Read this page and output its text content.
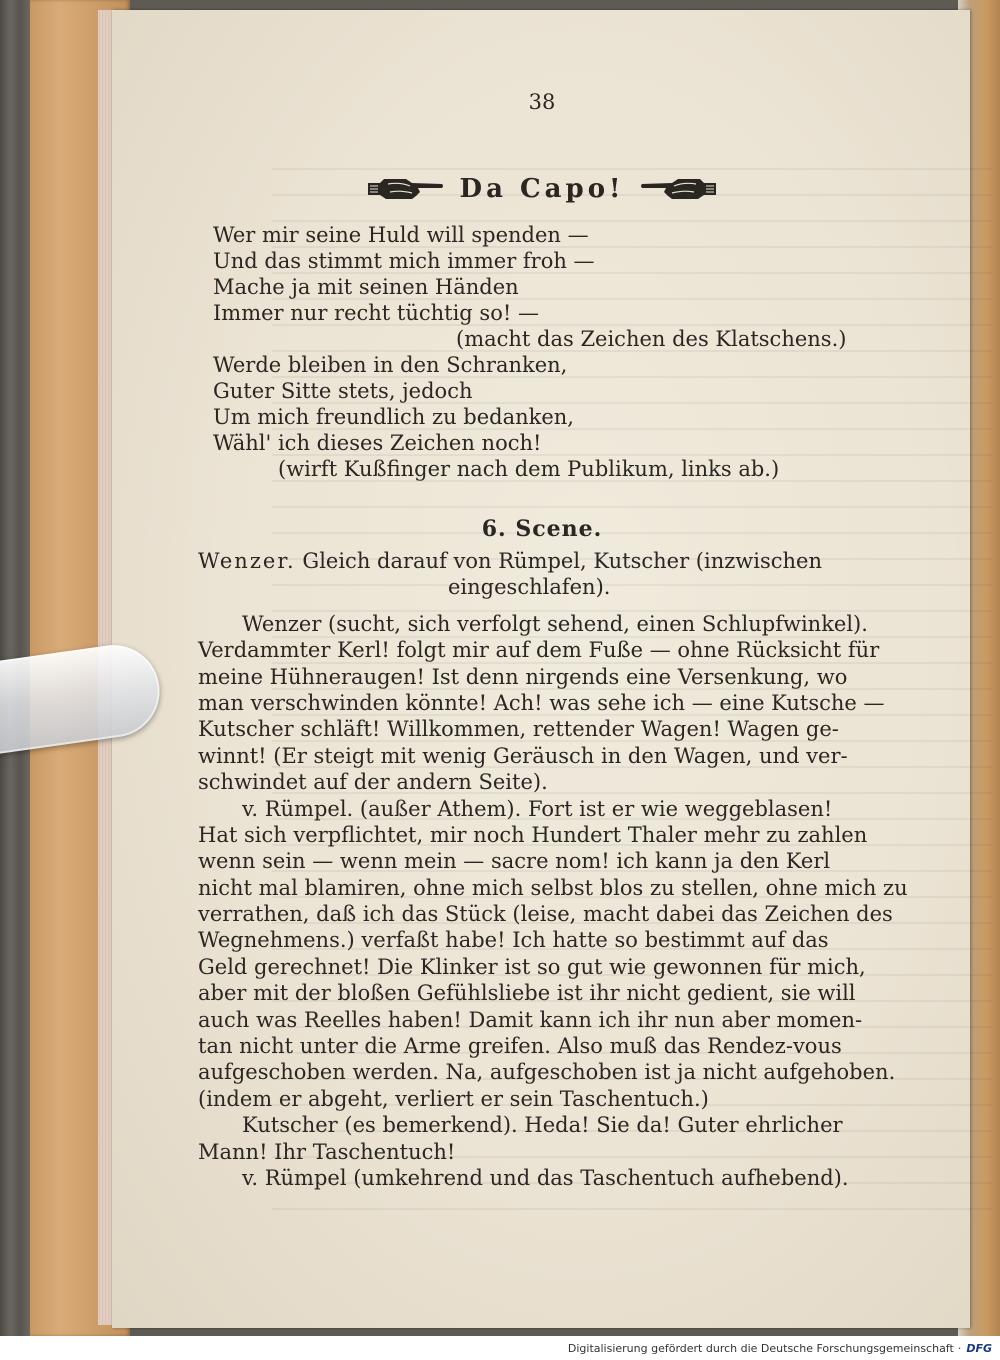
38
Da Capo!
Wer mir seine Huld will spenden —
Und das stimmt mich immer froh —
Mache ja mit seinen Händen
Immer nur recht tüchtig so! —
(macht das Zeichen des Klatschens.)
Werde bleiben in den Schranken,
Guter Sitte stets, jedoch
Um mich freundlich zu bedanken,
Wähl' ich dieses Zeichen noch!
(wirft Kußfinger nach dem Publikum, links ab.)
6. Scene.
Wenzer. Gleich darauf von Rümpel, Kutscher (inzwischen
eingeschlafen).
Wenzer (sucht, sich verfolgt sehend, einen Schlupfwinkel).
Verdammter Kerl! folgt mir auf dem Fuße — ohne Rücksicht für
meine Hühneraugen! Ist denn nirgends eine Versenkung, wo
man verschwinden könnte! Ach! was sehe ich — eine Kutsche —
Kutscher schläft! Willkommen, rettender Wagen! Wagen ge-
winnt! (Er steigt mit wenig Geräusch in den Wagen, und ver-
schwindet auf der andern Seite).
v. Rümpel. (außer Athem). Fort ist er wie weggeblasen!
Hat sich verpflichtet, mir noch Hundert Thaler mehr zu zahlen
wenn sein — wenn mein — sacre nom! ich kann ja den Kerl
nicht mal blamiren, ohne mich selbst blos zu stellen, ohne mich zu
verrathen, daß ich das Stück (leise, macht dabei das Zeichen des
Wegnehmens.) verfaßt habe! Ich hatte so bestimmt auf das
Geld gerechnet! Die Klinker ist so gut wie gewonnen für mich,
aber mit der bloßen Gefühlsliebe ist ihr nicht gedient, sie will
auch was Reelles haben! Damit kann ich ihr nun aber momen-
tan nicht unter die Arme greifen. Also muß das Rendez-vous
aufgeschoben werden. Na, aufgeschoben ist ja nicht aufgehoben.
(indem er abgeht, verliert er sein Taschentuch.)
Kutscher (es bemerkend). Heda! Sie da! Guter ehrlicher
Mann! Ihr Taschentuch!
v. Rümpel (umkehrend und das Taschentuch aufhebend).
Digitalisierung gefördert durch die Deutsche Forschungsgemeinschaft · DFG
